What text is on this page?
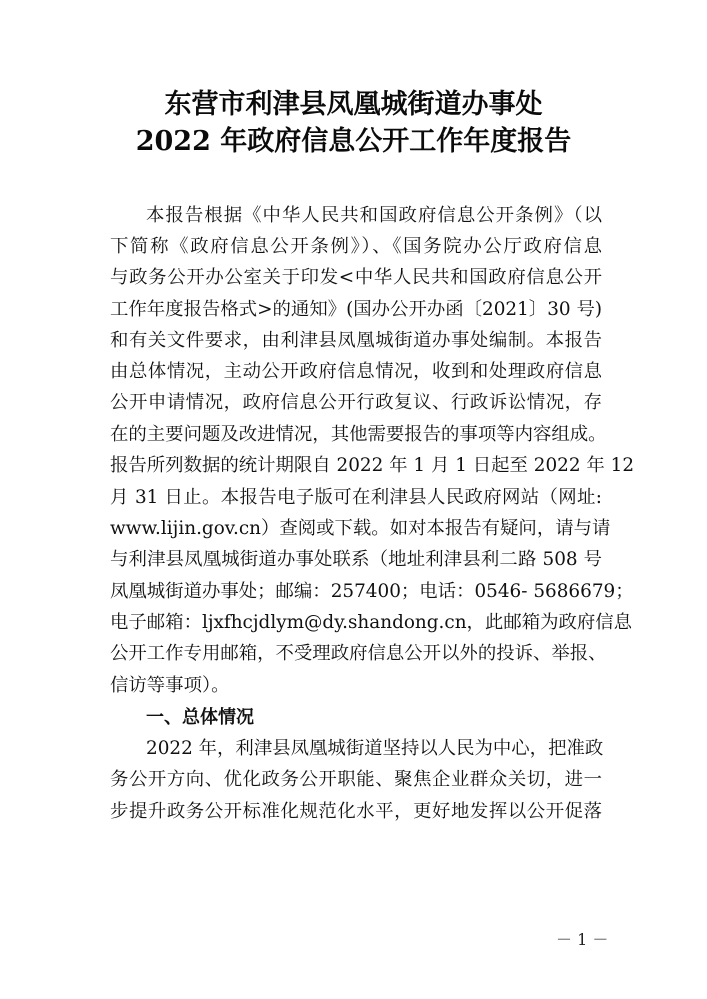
东营市利津县凤凰城街道办事处
2022 年政府信息公开工作年度报告
本报告根据《中华人民共和国政府信息公开条例》（以
下简称《政府信息公开条例》）、《国务院办公厅政府信息
与政务公开办公室关于印发<中华人民共和国政府信息公开
工作年度报告格式>的通知》(国办公开办函〔2021〕30 号)
和有关文件要求，由利津县凤凰城街道办事处编制。本报告
由总体情况，主动公开政府信息情况，收到和处理政府信息
公开申请情况，政府信息公开行政复议、行政诉讼情况，存
在的主要问题及改进情况，其他需要报告的事项等内容组成。
报告所列数据的统计期限自 2022 年 1 月 1 日起至 2022 年 12
月 31 日止。本报告电子版可在利津县人民政府网站（网址:
www.lijin.gov.cn）查阅或下载。如对本报告有疑问，请与请
与利津县凤凰城街道办事处联系（地址利津县利二路 508 号
凤凰城街道办事处；邮编：257400；电话：0546- 5686679；
电子邮箱：ljxfhcjdlym@dy.shandong.cn，此邮箱为政府信息
公开工作专用邮箱，不受理政府信息公开以外的投诉、举报、
信访等事项）。
一、总体情况
2022 年，利津县凤凰城街道坚持以人民为中心，把准政
务公开方向、优化政务公开职能、聚焦企业群众关切，进一
步提升政务公开标准化规范化水平，更好地发挥以公开促落
－ 1 －
